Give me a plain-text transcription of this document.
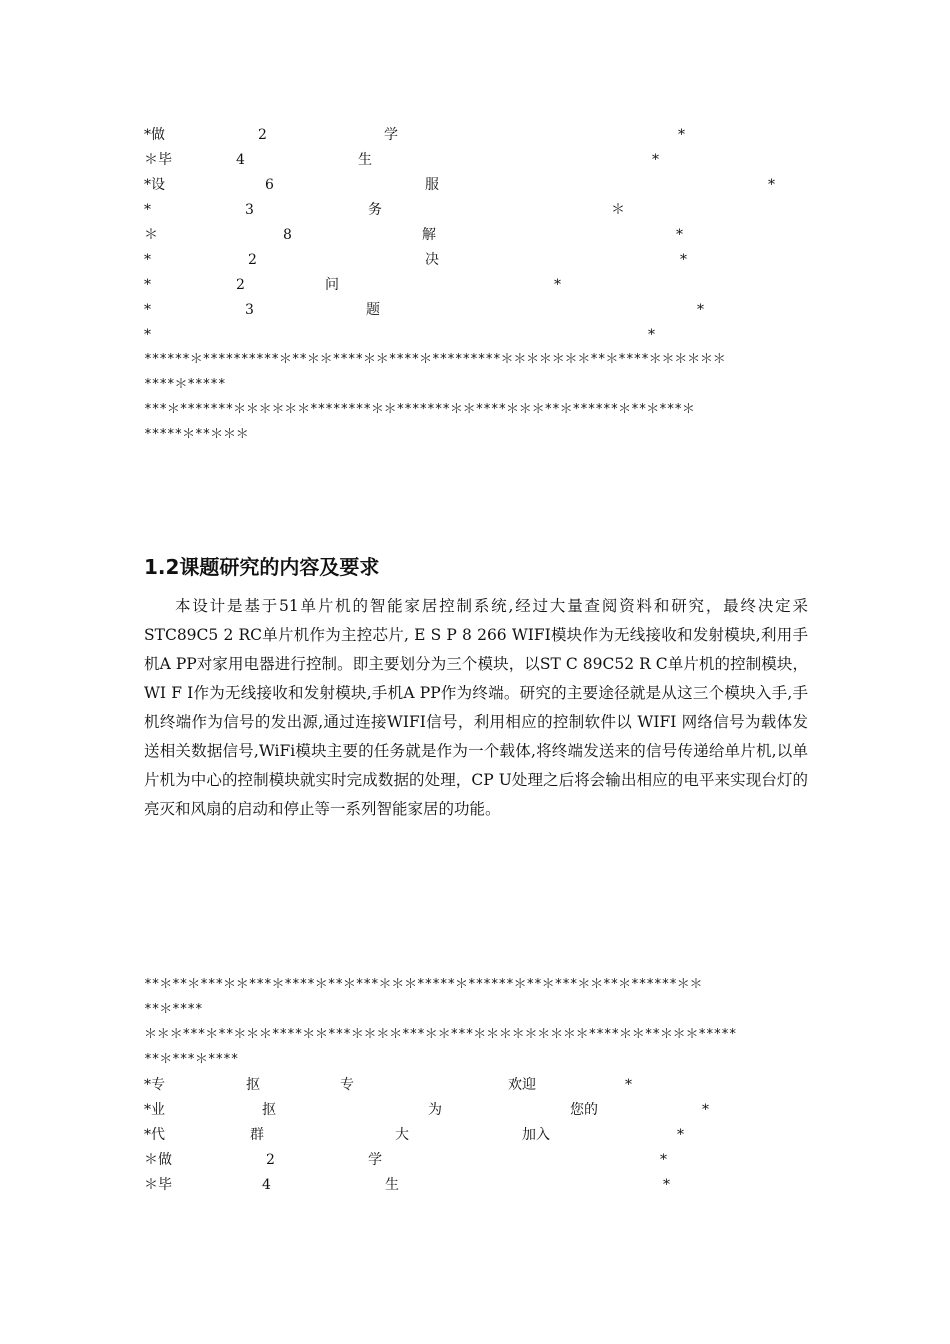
*做	2	学	*
＊毕	4	生	*
*设	6	服	*
*	3	务	＊
＊	8	解	*
*	2	决	*
*	2	问	*
*	3	题	*
*	*
******＊**********＊**＊＊****＊＊****＊*********＊＊＊＊＊＊＊**＊****＊＊＊＊＊＊
****＊*****
***＊*******＊＊＊＊＊＊********＊＊*******＊＊****＊＊＊**＊******＊**＊***＊
*****＊**＊＊＊
1.2课题研究的内容及要求

本设计是基于51单片机的智能家居控制系统,经过大量查阅资料和研究，最终决定采STC89C5 2 RC单片机作为主控芯片, E S P 8 266 WIFI模块作为无线接收和发射模块,利用手机A PP对家用电器进行控制。即主要划分为三个模块，以ST C 89C52 R C单片机的控制模块，WI F I作为无线接收和发射模块,手机A PP作为终端。研究的主要途径就是从这三个模块入手,手机终端作为信号的发出源,通过连接WIFI信号，利用相应的控制软件以 WIFI 网络信号为载体发送相关数据信号,WiFi模块主要的任务就是作为一个载体,将终端发送来的信号传递给单片机,以单片机为中心的控制模块就实时完成数据的处理，CP U处理之后将会输出相应的电平来实现台灯的亮灭和风扇的启动和停止等一系列智能家居的功能。

**＊**＊***＊＊***＊****＊**＊***＊＊＊*****＊******＊**＊***＊＊**＊******＊＊
**＊****
＊＊＊***＊**＊＊＊****＊＊***＊＊＊＊***＊＊***＊＊＊＊＊＊＊＊＊****＊＊**＊＊＊*****
**＊***＊****
*专	抠	专	欢迎	*
*业	抠	为	您的	*
*代	群	大	加入	*
＊做	2	学	*
＊毕	4	生	*
